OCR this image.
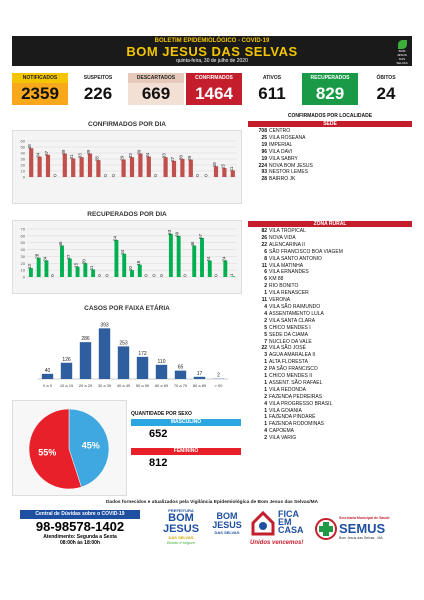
BOLETIM EPIDEMIOLÓGICO - COVID-19
BOM JESUS DAS SELVAS
quinta-feira, 30 de julho de 2020
BOM JESUS DAS SELVAS
NOTIFICADOS
2359
SUSPEITOS
226
DESCARTADOS
669
CONFIRMADOS
1464
ATIVOS
611
RECUPERADOS
829
ÓBITOS
24
CONFIRMADOS POR DIA
0
10
20
30
40
50
60
48
34 37
0
39
31 33
39
28
0 0
29 33
39
34
0
33
27 30 29
0 0
18 15 11
RECUPERADOS POR DIA
0
10
20
30
40
50
60
70
13
28
24
0
46
27
15
20
11
0 0
54
34
10
18
0 0 0
63 60
0
46
57
24
0
24
1
CASOS POR FAIXA ETÁRIA
40
0 a 9
126
10 a 19
286
20 a 29
393
30 a 39
253
40 a 49
172
50 a 59
110
60 a 69
65
70 a 79
17
80 a 89
2
> 90
45%
55%
QUANTIDADE POR SEXO
MASCULINO
652
FEMININO
812
CONFIRMADOS POR LOCALIDADE
SEDE
708 CENTRO
25 VILA ROSEANA
19 IMPERIAL
96 VILA DAVI
19 VILA SABRY
224 NOVA BOM JESUS
93 NESTOR LEMES
28 BAIRRO JK
ZONA RURAL
82 VILA TROPICAL
26 NOVA VIDA
22 ALENCARINA II
6 SÃO FRANCISCO BOA VIAGEM
8 VILA SANTO ANTONIO
11 VILA MATINHA
6 VILA ERNANDES
6 KM 88
2 RIO BONITO
1 VILA RENASCER
11 VERONA
4 VILA SÃO RAIMUNDO
4 ASSENTAMENTO LULA
2 VILA SANTA CLARA
5 CHICO MENDES I
5 SEDE DA CIAMA
7 NUCLEO DA VALE
22 VILA SÃO JOSÉ
3 AGUA AMARALEA II
1 ALTA FLORESTA
2 PA SÃO FRANCISCO
1 CHICO MENDES II
1 ASSENT. SÃO RAFAEL
1 VILA REDONDA
2 FAZENDA PEDREIRAS
4 VILA PROGRESSO BRASIL
1 VILA GOIANIA
1 FAZENDA PINDARÉ
1 FAZENDA RODOMINAS
4 CAPOEMA
2 VILA VARIG
Dados fornecidos e atualizados pela Vigilância Epidemiológica de Bom Jesus das Selvas/MA
Central de Dúvidas sobre o COVID-19
98-98578-1402
Atendimento: Segunda a Sexta
08:00h às 18:00h
PREFEITURA
BOM
JESUS
DAS SELVAS
Bonito e seguro
BOM
JESUS
DAS SELVAS
FICA
EM
CASA
Unidos vencemos!
Secretaria Municipal de Saúde
SEMUS
Bom Jesus das Selvas - MA
